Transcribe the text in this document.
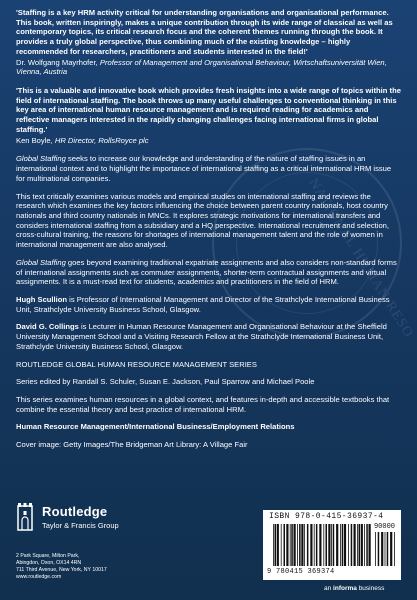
NATIONAL HUMAN RESO

'Staffing is a key HRM activity critical for understanding organisations and organisational performance. This book, written inspiringly, makes a unique contribution through its wide range of classical as well as contemporary topics, its critical research focus and the coherent themes running through the book. It provides a truly global perspective, thus combining much of the existing knowledge – highly recommended for researchers, practitioners and students interested in the field!'

Dr. Wolfgang Mayrhofer, Professor of Management and Organisational Behaviour, Wirtschaftsuniversität Wien, Vienna, Austria

'This is a valuable and innovative book which provides fresh insights into a wide range of topics within the field of international staffing. The book throws up many useful challenges to conventional thinking in this key area of international human resource management and is required reading for academics and reflective managers interested in the rapidly changing challenges facing international firms in global staffing.'

Ken Boyle, HR Director, RollsRoyce plc

Global Staffing seeks to increase our knowledge and understanding of the nature of staffing issues in an international context and to highlight the importance of international staffing as a critical international HRM issue for multinational companies.

This text critically examines various models and empirical studies on international staffing and reviews the research which examines the key factors influencing the choice between parent country nationals, host country nationals and third country nationals in MNCs. It explores strategic motivations for international transfers and considers international staffing from a subsidiary and a HQ perspective. International recruitment and selection, cross-cultural training, the reasons for shortages of international management talent and the role of women in international management are also analysed.

Global Staffing goes beyond examining traditional expatriate assignments and also considers non-standard forms of international assignments such as commuter assignments, shorter-term contractual assignments and virtual assignments. It is a must-read text for students, academics and practitioners in the field of HRM.

Hugh Scullion is Professor of International Management and Director of the Strathclyde International Business Unit, Strathclyde University Business School, Glasgow.

David G. Collings is Lecturer in Human Resource Management and Organisational Behaviour at the Sheffield University Management School and a Visiting Research Fellow at the Strathclyde International Business Unit, Strathclyde University Business School, Glasgow.

ROUTLEDGE GLOBAL HUMAN RESOURCE MANAGEMENT SERIES

Series edited by Randall S. Schuler, Susan E. Jackson, Paul Sparrow and Michael Poole

This series examines human resources in a global context, and features in-depth and accessible textbooks that combine the essential theory and best practice of international HRM.

Human Resource Management/International Business/Employment Relations

Cover image: Getty Images/The Bridgeman Art Library: A Village Fair

Routledge
Taylor & Francis Group
2 Park Square, Milton Park,
Abingdon, Oxon, OX14 4RN
711 Third Avenue, New York, NY 10017
www.routledge.com
ISBN 978-0-415-36937-4
90000
9 780415 369374
an informa business
